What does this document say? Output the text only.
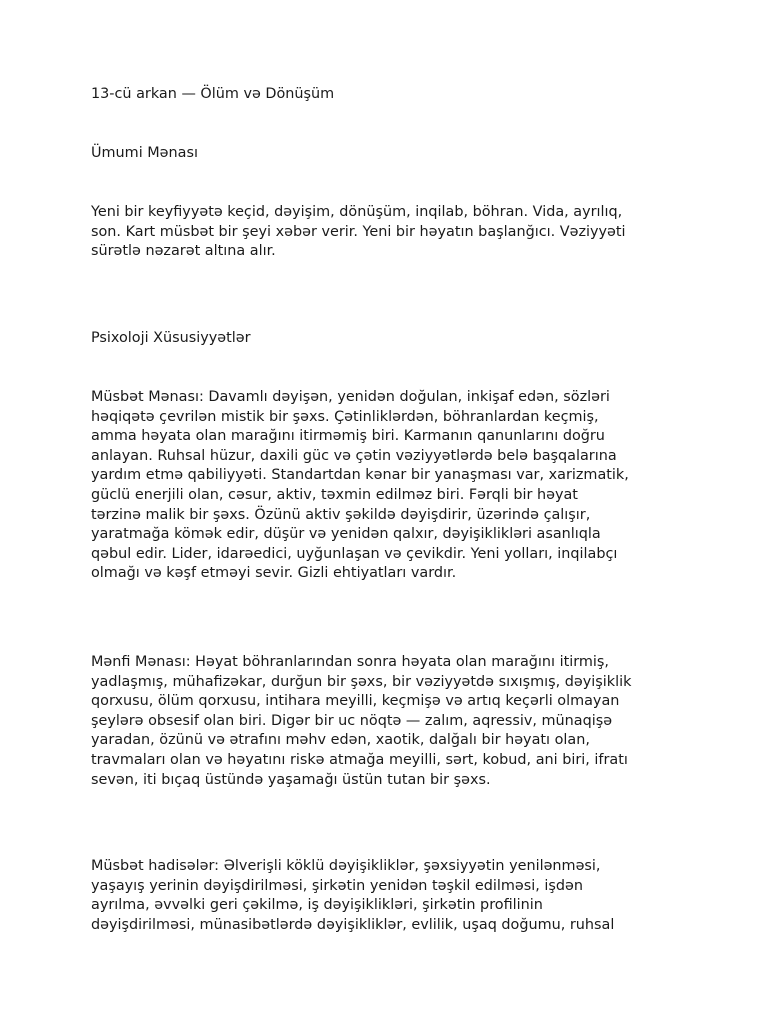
13-cü arkan — Ölüm və Dönüşüm

Ümumi Mənası

Yeni bir keyfiyyətə keçid, dəyişim, dönüşüm, inqilab, böhran. Vida, ayrılıq,
son. Kart müsbət bir şeyi xəbər verir. Yeni bir həyatın başlanğıcı. Vəziyyəti
sürətlə nəzarət altına alır.

Psixoloji Xüsusiyyətlər

Müsbət Mənası: Davamlı dəyişən, yenidən doğulan, inkişaf edən, sözləri
həqiqətə çevrilən mistik bir şəxs. Çətinliklərdən, böhranlardan keçmiş,
amma həyata olan marağını itirməmiş biri. Karmanın qanunlarını doğru
anlayan. Ruhsal hüzur, daxili güc və çətin vəziyyətlərdə belə başqalarına
yardım etmə qabiliyyəti. Standartdan kənar bir yanaşması var, xarizmatik,
güclü enerjili olan, cəsur, aktiv, təxmin edilməz biri. Fərqli bir həyat
tərzinə malik bir şəxs. Özünü aktiv şəkildə dəyişdirir, üzərində çalışır,
yaratmağa kömək edir, düşür və yenidən qalxır, dəyişiklikləri asanlıqla
qəbul edir. Lider, idarəedici, uyğunlaşan və çevikdir. Yeni yolları, inqilabçı
olmağı və kəşf etməyi sevir. Gizli ehtiyatları vardır.
Mənfi Mənası: Həyat böhranlarından sonra həyata olan marağını itirmiş,
yadlaşmış, mühafizəkar, durğun bir şəxs, bir vəziyyətdə sıxışmış, dəyişiklik
qorxusu, ölüm qorxusu, intihara meyilli, keçmişə və artıq keçərli olmayan
şeylərə obsesif olan biri. Digər bir uc nöqtə — zalım, aqressiv, münaqişə
yaradan, özünü və ətrafını məhv edən, xaotik, dalğalı bir həyatı olan,
travmaları olan və həyatını riskə atmağa meyilli, sərt, kobud, ani biri, ifratı
sevən, iti bıçaq üstündə yaşamağı üstün tutan bir şəxs.
Müsbət hadisələr: Əlverişli köklü dəyişikliklər, şəxsiyyətin yenilənməsi,
yaşayış yerinin dəyişdirilməsi, şirkətin yenidən təşkil edilməsi, işdən
ayrılma, əvvəlki geri çəkilmə, iş dəyişiklikləri, şirkətin profilinin
dəyişdirilməsi, münasibətlərdə dəyişikliklər, evlilik, uşaq doğumu, ruhsal
